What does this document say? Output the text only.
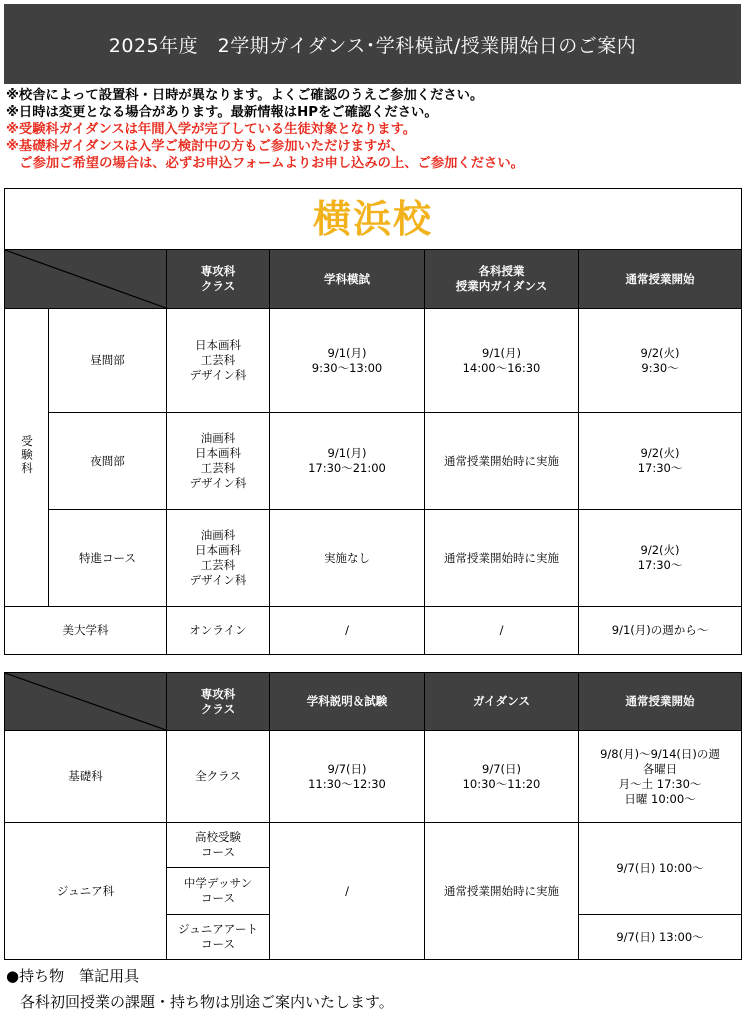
2025年度　2学期ガイダンス･学科模試/授業開始日のご案内
※校舎によって設置科・日時が異なります。よくご確認のうえご参加ください。
※日時は変更となる場合があります。最新情報はHPをご確認ください。
※受験科ガイダンスは年間入学が完了している生徒対象となります。
※基礎科ガイダンスは入学ご検討中の方もご参加いただけますが、
　ご参加ご希望の場合は、必ずお申込フォームよりお申し込みの上、ご参加ください。
横浜校					

	専攻科
クラス	学科模試	各科授業
授業内ガイダンス	通常授業開始
受験科	昼間部	日本画科
工芸科
デザイン科	9/1(月)
9:30～13:00	9/1(月)
14:00～16:30	9/2(火)
9:30～
	夜間部	油画科
日本画科
工芸科
デザイン科	9/1(月)
17:30～21:00	通常授業開始時に実施	9/2(火)
17:30～
	特進コース	油画科
日本画科
工芸科
デザイン科	実施なし	通常授業開始時に実施	9/2(火)
17:30～
美大学科		オンライン	/	/	9/1(月)の週から～
	専攻科
クラス	学科説明＆試験	ガイダンス	通常授業開始
基礎科	全クラス	9/7(日)
11:30～12:30	9/7(日)
10:30～11:20	9/8(月)～9/14(日)の週
各曜日
月～土 17:30～
日曜 10:00～
ジュニア科	高校受験
コース	/	通常授業開始時に実施	9/7(日) 10:00～
	中学デッサン
コース			
	ジュニアアート
コース			9/7(日) 13:00～
●持ち物　筆記用具
各科初回授業の課題・持ち物は別途ご案内いたします。
